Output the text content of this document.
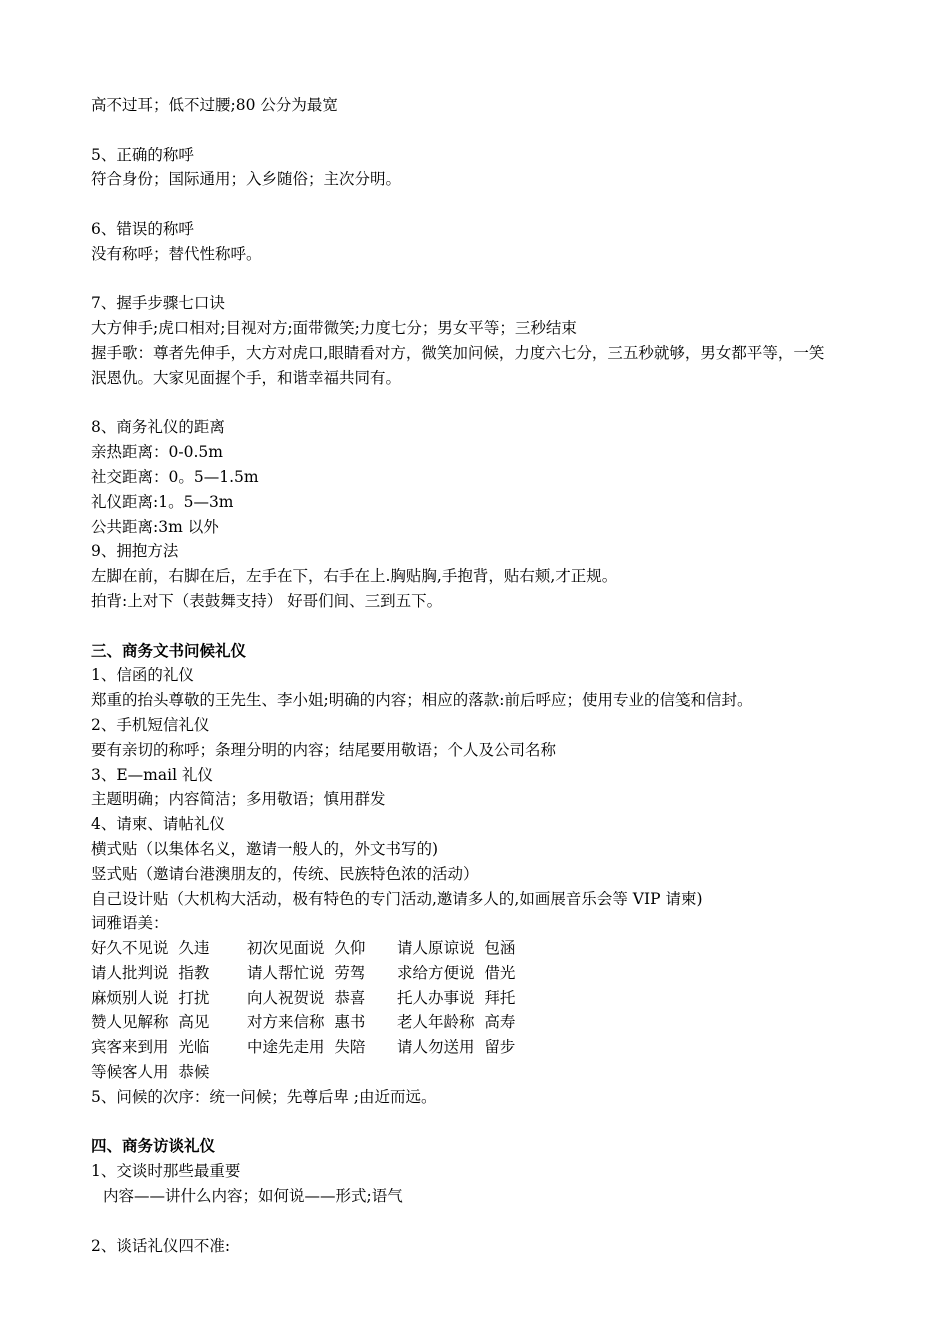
高不过耳；低不过腰;80 公分为最宽
5、正确的称呼
符合身份；国际通用；入乡随俗；主次分明。
6、错误的称呼
没有称呼；替代性称呼。
7、握手步骤七口诀
大方伸手;虎口相对;目视对方;面带微笑;力度七分；男女平等；三秒结束
握手歌：尊者先伸手，大方对虎口,眼睛看对方，微笑加问候，力度六七分，三五秒就够，男女都平等，一笑
泯恩仇。大家见面握个手，和谐幸福共同有。
8、商务礼仪的距离
亲热距离：0-0.5m
社交距离：0。5—1.5m
礼仪距离:1。5—3m
公共距离:3m 以外
9、拥抱方法
左脚在前，右脚在后，左手在下，右手在上.胸贴胸,手抱背，贴右颊,才正规。
拍背:上对下（表鼓舞支持） 好哥们间、三到五下。
三、商务文书问候礼仪
1、信函的礼仪
郑重的抬头尊敬的王先生、李小姐;明确的内容；相应的落款:前后呼应；使用专业的信笺和信封。
2、手机短信礼仪
要有亲切的称呼；条理分明的内容；结尾要用敬语；个人及公司名称
3、E—mail 礼仪
主题明确；内容简洁；多用敬语；慎用群发
4、请柬、请帖礼仪
横式贴（以集体名义，邀请一般人的，外文书写的)
竖式贴（邀请台港澳朋友的，传统、民族特色浓的活动）
自己设计贴（大机构大活动，极有特色的专门活动,邀请多人的,如画展音乐会等 VIP 请柬)
词雅语美：
好久不见说  久违	初次见面说  久仰	请人原谅说  包涵
请人批判说  指教	请人帮忙说  劳驾	求给方便说  借光
麻烦别人说  打扰	向人祝贺说  恭喜	托人办事说  拜托
赞人见解称  高见	对方来信称  惠书	老人年龄称  高寿
宾客来到用  光临	中途先走用  失陪	请人勿送用  留步
等候客人用  恭候
5、问候的次序：统一问候；先尊后卑 ;由近而远。
四、商务访谈礼仪
1、交谈时那些最重要
内容——讲什么内容；如何说——形式;语气
2、谈话礼仪四不准:
